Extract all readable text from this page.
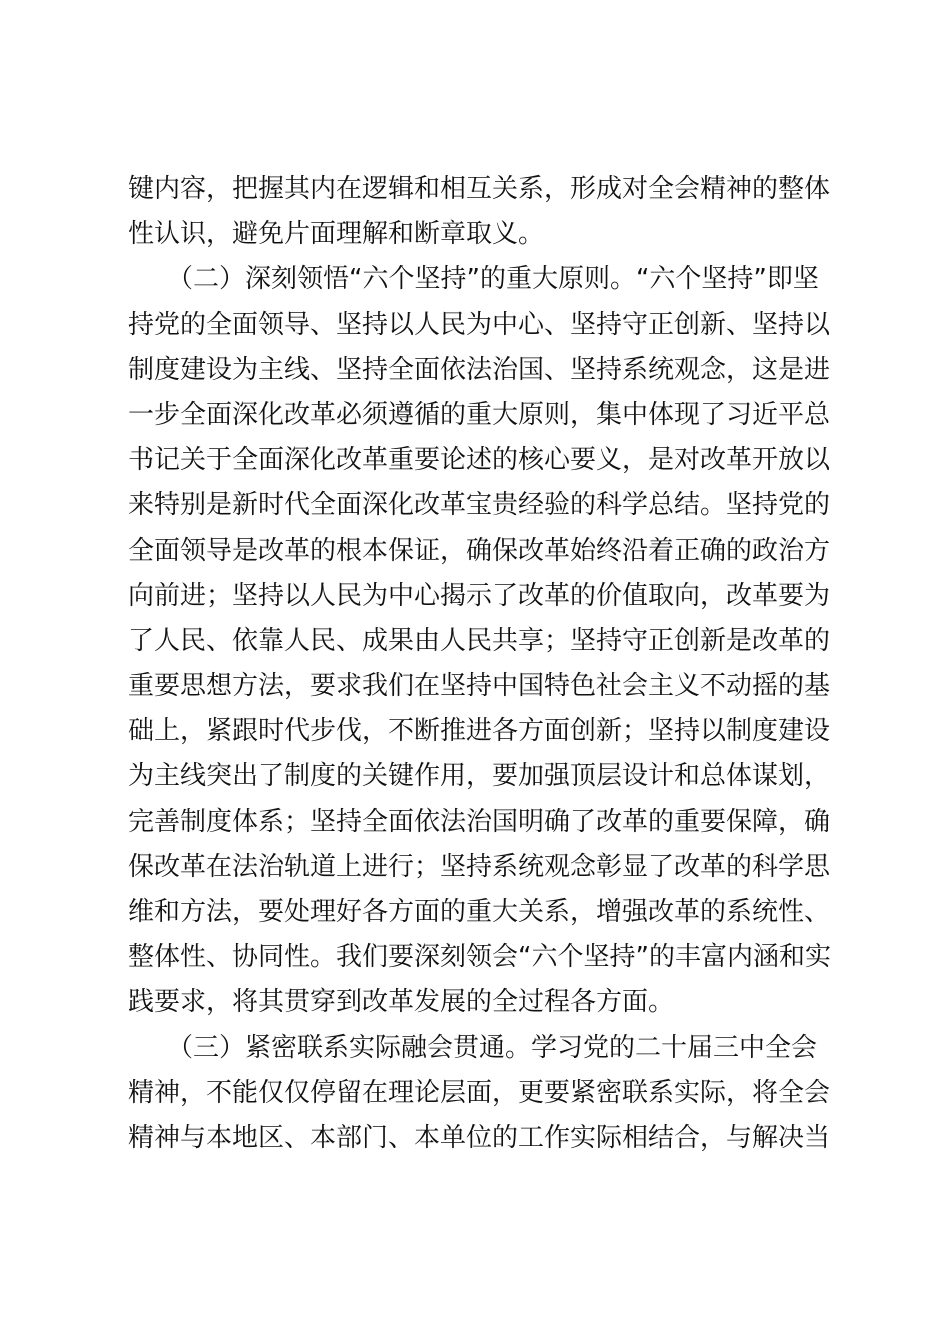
键内容，把握其内在逻辑和相互关系，形成对全会精神的整体
性认识，避免片面理解和断章取义。
　　（二）深刻领悟“六个坚持”的重大原则。“六个坚持”即坚
持党的全面领导、坚持以人民为中心、坚持守正创新、坚持以
制度建设为主线、坚持全面依法治国、坚持系统观念，这是进
一步全面深化改革必须遵循的重大原则，集中体现了习近平总
书记关于全面深化改革重要论述的核心要义，是对改革开放以
来特别是新时代全面深化改革宝贵经验的科学总结。坚持党的
全面领导是改革的根本保证，确保改革始终沿着正确的政治方
向前进；坚持以人民为中心揭示了改革的价值取向，改革要为
了人民、依靠人民、成果由人民共享；坚持守正创新是改革的
重要思想方法，要求我们在坚持中国特色社会主义不动摇的基
础上，紧跟时代步伐，不断推进各方面创新；坚持以制度建设
为主线突出了制度的关键作用，要加强顶层设计和总体谋划，
完善制度体系；坚持全面依法治国明确了改革的重要保障，确
保改革在法治轨道上进行；坚持系统观念彰显了改革的科学思
维和方法，要处理好各方面的重大关系，增强改革的系统性、
整体性、协同性。我们要深刻领会“六个坚持”的丰富内涵和实
践要求，将其贯穿到改革发展的全过程各方面。
　　（三）紧密联系实际融会贯通。学习党的二十届三中全会
精神，不能仅仅停留在理论层面，更要紧密联系实际，将全会
精神与本地区、本部门、本单位的工作实际相结合，与解决当
